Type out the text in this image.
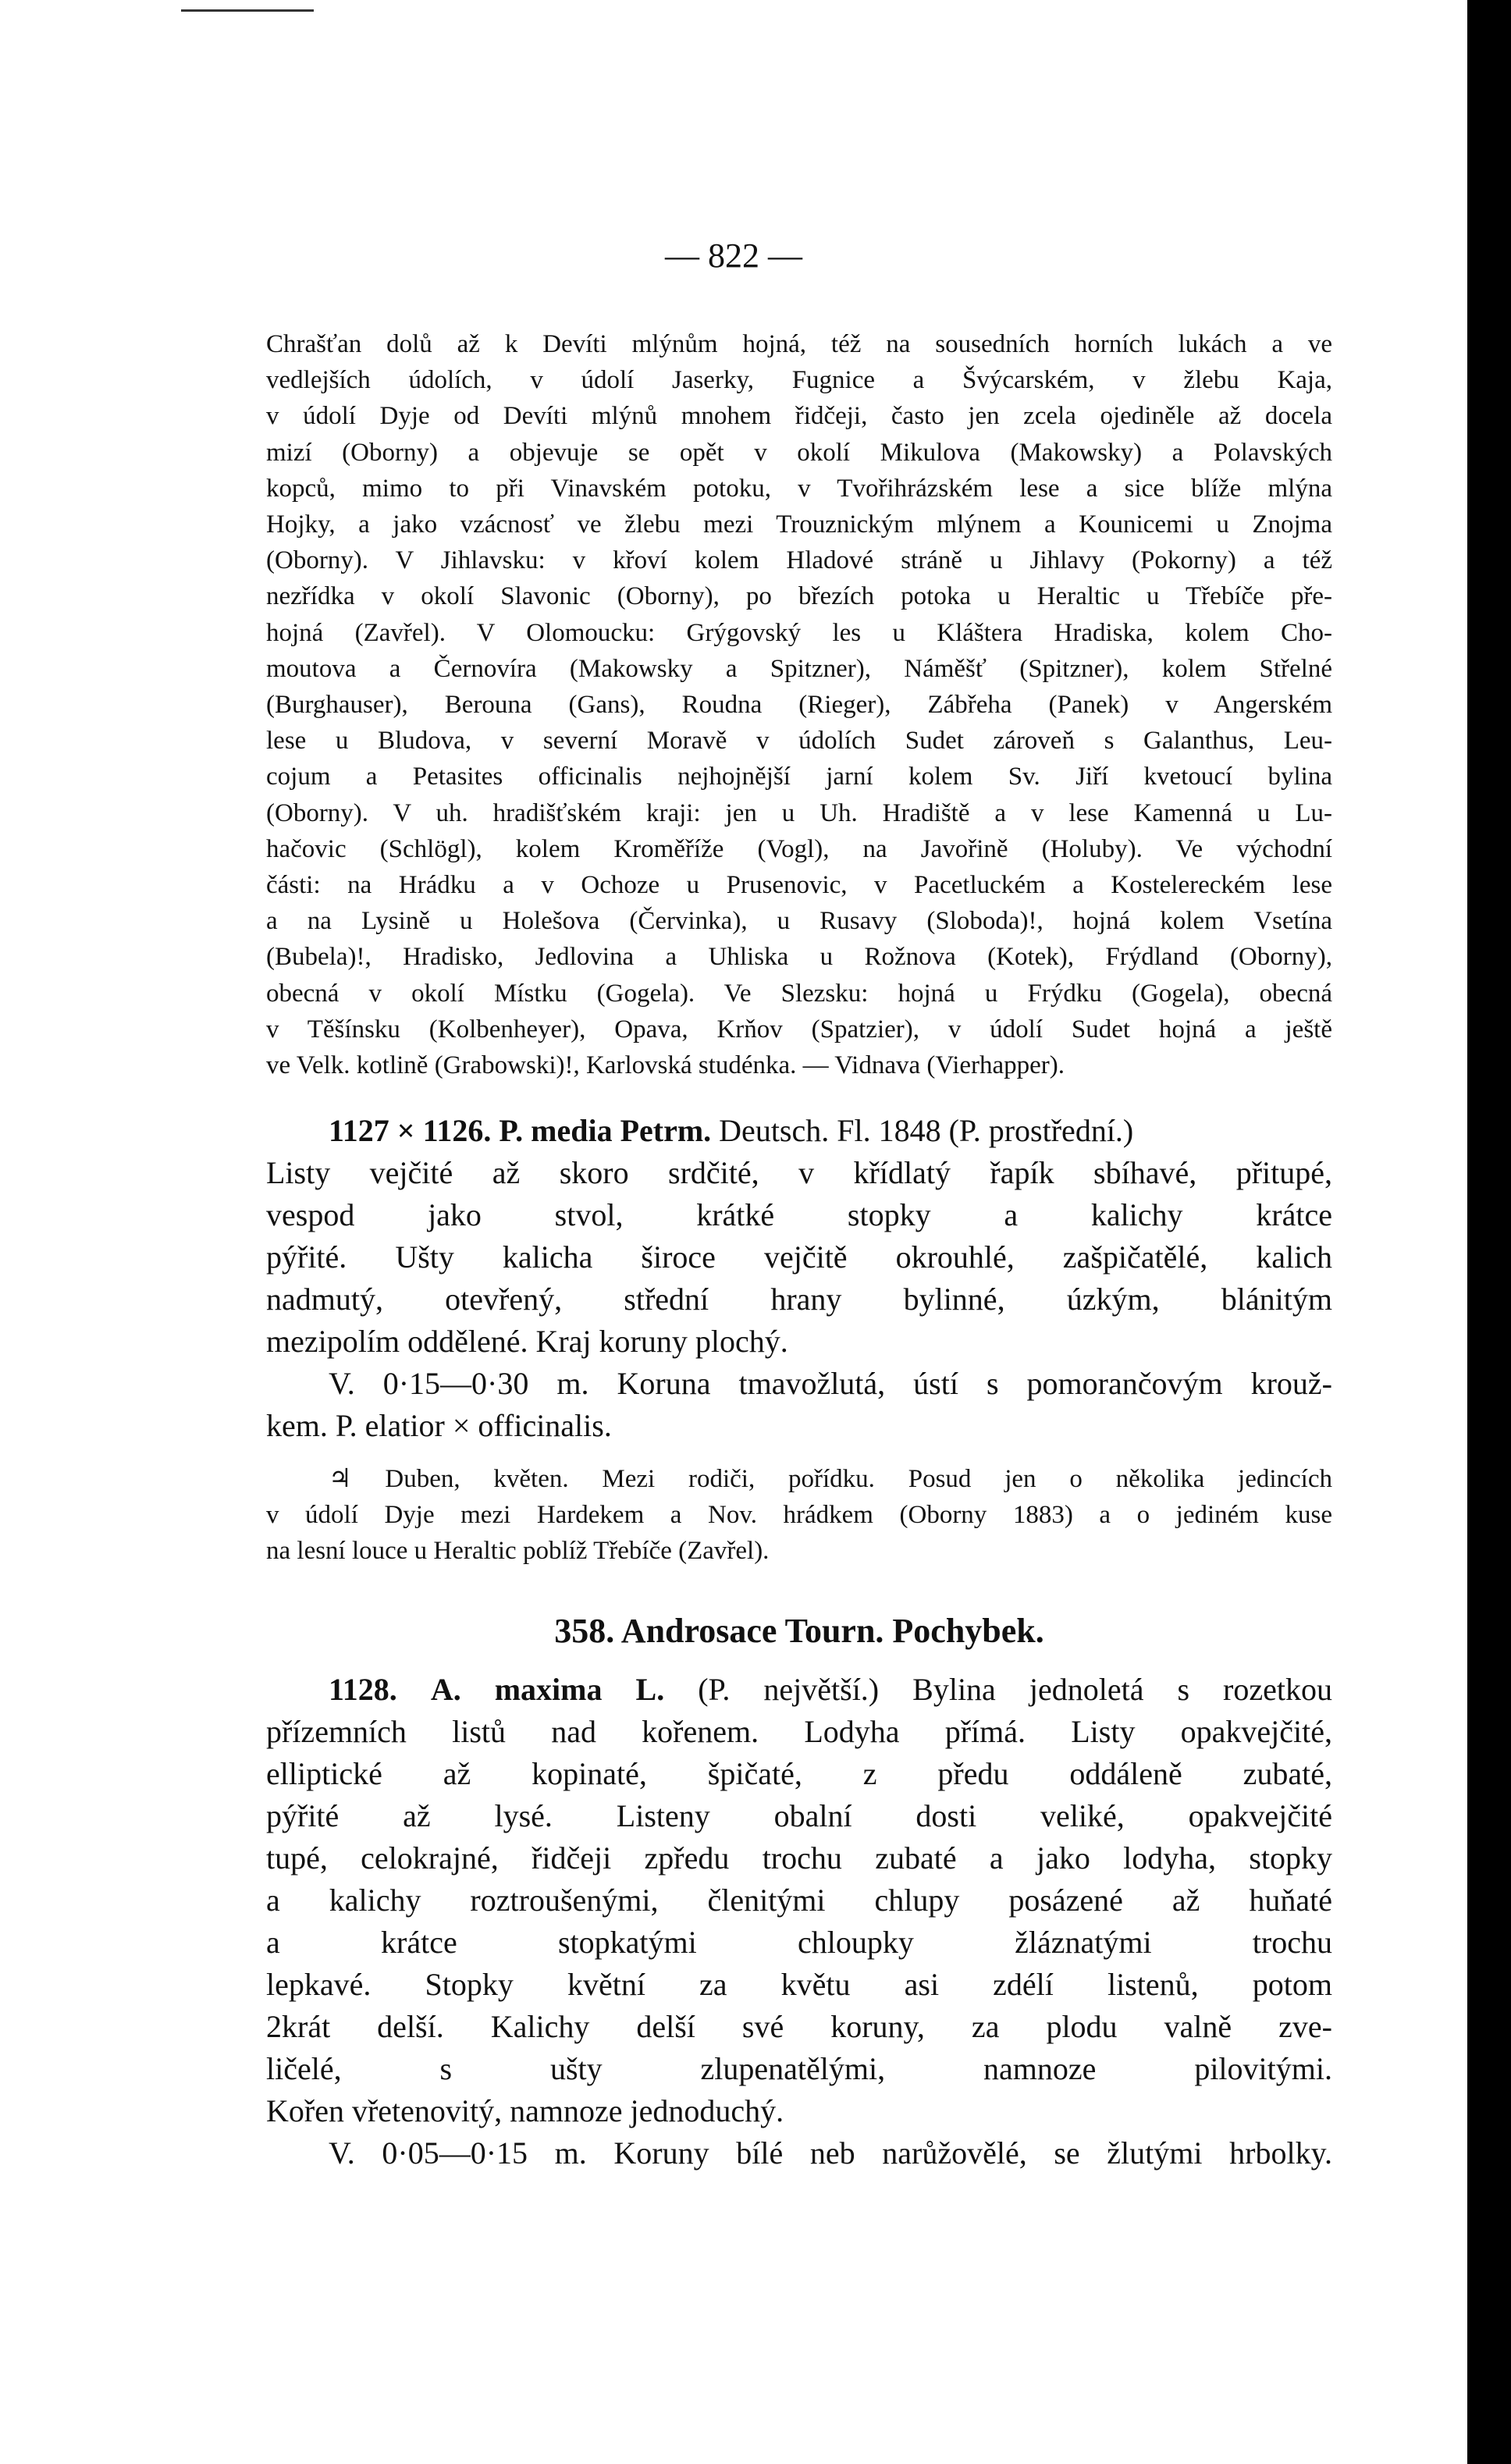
— 822 —
Chrašťan dolů až k Devíti mlýnům hojná, též na sousedních horních lukách a ve
vedlejších údolích, v údolí Jaserky, Fugnice a Švýcarském, v žlebu Kaja,
v údolí Dyje od Devíti mlýnů mnohem řidčeji, často jen zcela ojediněle až docela
mizí (Oborny) a objevuje se opět v okolí Mikulova (Makowsky) a Polavských
kopců, mimo to při Vinavském potoku, v Tvořihrázském lese a sice blíže mlýna
Hojky, a jako vzácnosť ve žlebu mezi Trouznickým mlýnem a Kounicemi u Znojma
(Oborny). V Jihlavsku: v křoví kolem Hladové stráně u Jihlavy (Pokorny) a též
nezřídka v okolí Slavonic (Oborny), po březích potoka u Heraltic u Třebíče pře-
hojná (Zavřel). V Olomoucku: Grýgovský les u Kláštera Hradiska, kolem Cho-
moutova a Černovíra (Makowsky a Spitzner), Náměšť (Spitzner), kolem Střelné
(Burghauser), Berouna (Gans), Roudna (Rieger), Zábřeha (Panek) v Angerském
lese u Bludova, v severní Moravě v údolích Sudet zároveň s Galanthus, Leu-
cojum a Petasites officinalis nejhojnější jarní kolem Sv. Jiří kvetoucí bylina
(Oborny). V uh. hradišťském kraji: jen u Uh. Hradiště a v lese Kamenná u Lu-
hačovic (Schlögl), kolem Kroměříže (Vogl), na Javořině (Holuby). Ve východní
části: na Hrádku a v Ochoze u Prusenovic, v Pacetluckém a Kostelereckém lese
a na Lysině u Holešova (Červinka), u Rusavy (Sloboda)!, hojná kolem Vsetína
(Bubela)!, Hradisko, Jedlovina a Uhliska u Rožnova (Kotek), Frýdland (Oborny),
obecná v okolí Místku (Gogela). Ve Slezsku: hojná u Frýdku (Gogela), obecná
v Těšínsku (Kolbenheyer), Opava, Krňov (Spatzier), v údolí Sudet hojná a ještě
ve Velk. kotlině (Grabowski)!, Karlovská studénka. — Vidnava (Vierhapper).
1127 × 1126. P. media Petrm. Deutsch. Fl. 1848 (P. prostřední.)
Listy vejčité až skoro srdčité, v křídlatý řapík sbíhavé, přitupé,
vespod jako stvol, krátké stopky a kalichy krátce
pýřité. Ušty kalicha široce vejčitě okrouhlé, zašpičatělé, kalich
nadmutý, otevřený, střední hrany bylinné, úzkým, blánitým
mezipolím oddělené. Kraj koruny plochý.
V. 0·15—0·30 m. Koruna tmavožlutá, ústí s pomorančovým krouž-
kem. P. elatior × officinalis.
♃ Duben, květen. Mezi rodiči, pořídku. Posud jen o několika jedincích
v údolí Dyje mezi Hardekem a Nov. hrádkem (Oborny 1883) a o jediném kuse
na lesní louce u Heraltic poblíž Třebíče (Zavřel).
358. Androsace Tourn. Pochybek.
1128. A. maxima L. (P. největší.) Bylina jednoletá s rozetkou
přízemních listů nad kořenem. Lodyha přímá. Listy opakvejčité,
elliptické až kopinaté, špičaté, z předu oddáleně zubaté,
pýřité až lysé. Listeny obalní dosti veliké, opakvejčité
tupé, celokrajné, řidčeji zpředu trochu zubaté a jako lodyha, stopky
a kalichy roztroušenými, členitými chlupy posázené až huňaté
a krátce stopkatými chloupky žláznatými trochu
lepkavé. Stopky květní za květu asi zdélí listenů, potom
2krát delší. Kalichy delší své koruny, za plodu valně zve-
ličelé, s ušty zlupenatělými, namnoze pilovitými.
Kořen vřetenovitý, namnoze jednoduchý.
V. 0·05—0·15 m. Koruny bílé neb narůžovělé, se žlutými hrbolky.
